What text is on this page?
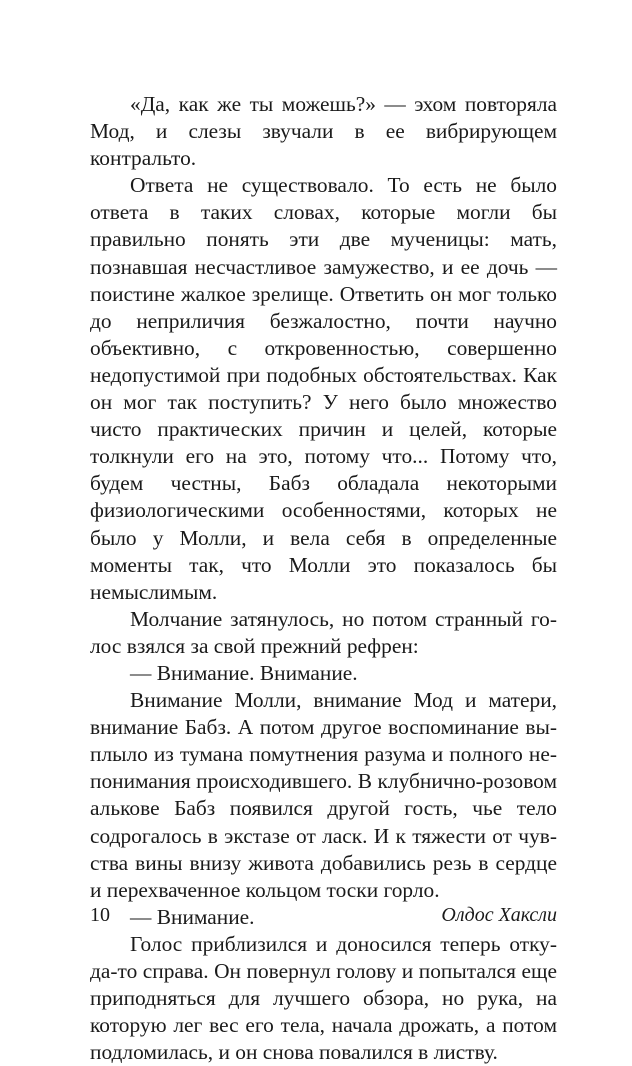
«Да, как же ты можешь?» — эхом повторяла Мод, и слезы звучали в ее вибрирующем контральто.

Ответа не существовало. То есть не было ответа в таких словах, которые могли бы правильно понять эти две мученицы: мать, познавшая несчастливое замужество, и ее дочь — поистине жалкое зрелище. Ответить он мог только до неприличия безжалостно, почти научно объективно, с откровенностью, совершенно недопустимой при подобных обстоятельствах. Как он мог так поступить? У него было множество чисто практических причин и целей, которые толкнули его на это, потому что... Потому что, будем честны, Бабз обладала некоторыми физиологическими особенностями, которых не было у Молли, и вела себя в определенные моменты так, что Молли это показалось бы немыслимым.

Молчание затянулось, но потом странный голос взялся за свой прежний рефрен:

— Внимание. Внимание.

Внимание Молли, внимание Мод и матери, внимание Бабз. А потом другое воспоминание выплыло из тумана помутнения разума и полного непонимания происходившего. В клубнично-розовом алькове Бабз появился другой гость, чье тело содрогалось в экстазе от ласк. И к тяжести от чувства вины внизу живота добавились резь в сердце и перехваченное кольцом тоски горло.

— Внимание.

Голос приблизился и доносился теперь откуда-то справа. Он повернул голову и попытался еще приподняться для лучшего обзора, но рука, на которую лег вес его тела, начала дрожать, а потом подломилась, и он снова повалился в листву.

10	Олдос Хаксли
